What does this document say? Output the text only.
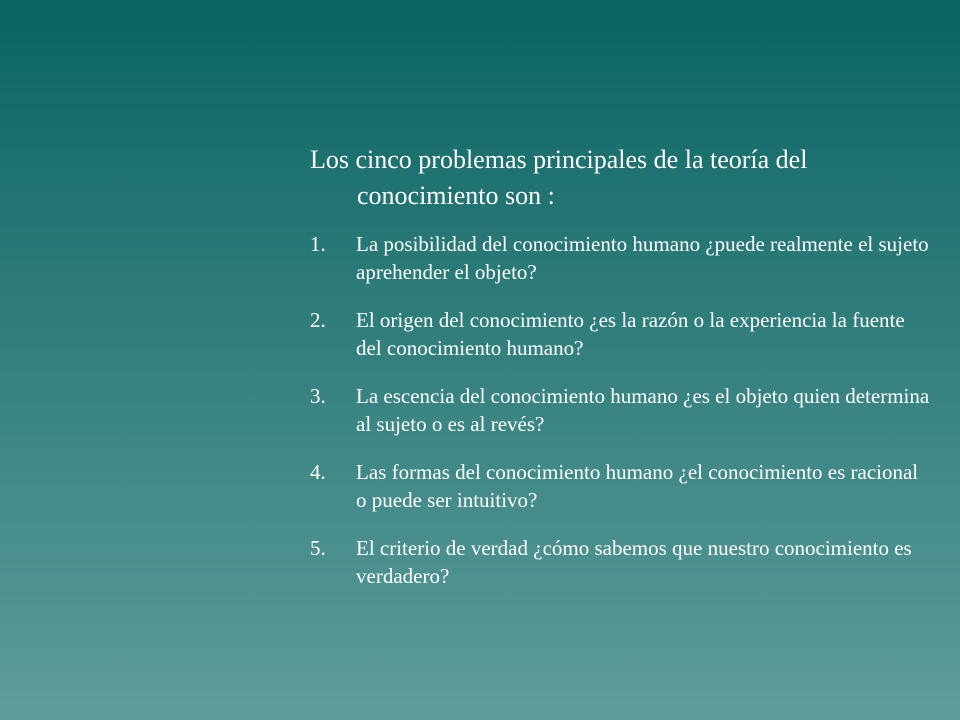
Los cinco problemas principales de la teoría del conocimiento son :

1.	La posibilidad del conocimiento humano ¿puede realmente el sujeto aprehender el objeto?
2.	El origen del conocimiento ¿es la razón o la experiencia la fuente del conocimiento humano?
3.	La escencia del conocimiento humano ¿es el objeto quien determina al sujeto o es al revés?
4.	Las formas del conocimiento humano ¿el conocimiento es racional o puede ser intuitivo?
5.	El criterio de verdad ¿cómo sabemos que nuestro conocimiento es verdadero?
